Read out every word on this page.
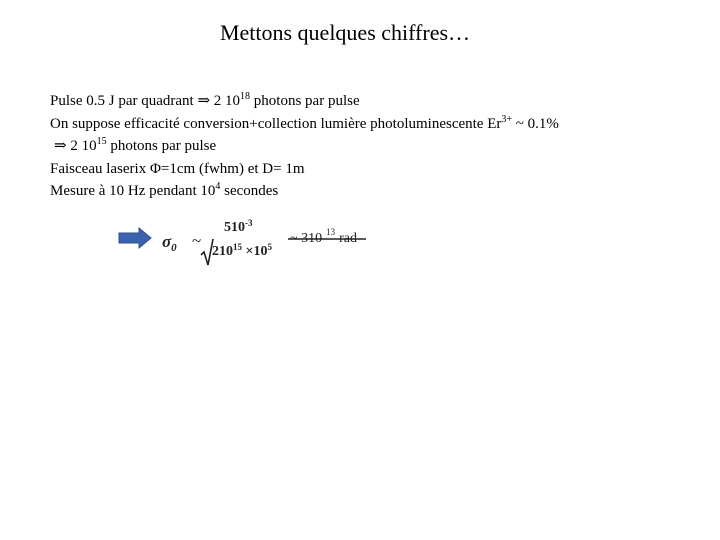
Mettons quelques chiffres…
Pulse 0.5 J par quadrant ⇒ 2 $10^{18}$ photons par pulse
On suppose efficacité conversion+collection lumière photoluminescente $Er^{3+}$ ~ 0.1%
⇒ 2 $10^{15}$ photons par pulse
Faisceau laserix Φ=1cm (fwhm) et D= 1m
Mesure à 10 Hz pendant $10^4$ secondes
$\sigma_0$ ~
$510^{-3}$
$210^{15} \times 10^5$
~ 310 $^{13}$ rad
